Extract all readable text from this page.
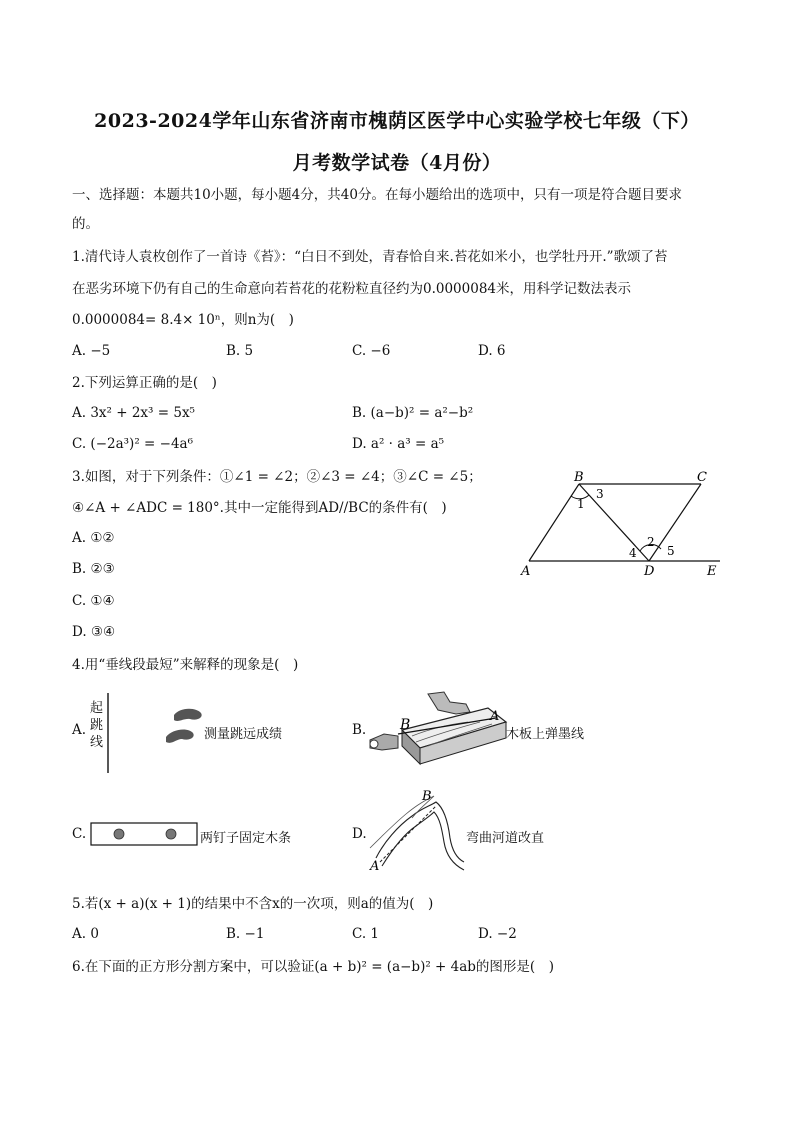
2023-2024学年山东省济南市槐荫区医学中心实验学校七年级（下）
月考数学试卷（4月份）
一、选择题：本题共10小题，每小题4分，共40分。在每小题给出的选项中，只有一项是符合题目要求
的。
1.清代诗人袁枚创作了一首诗《苔》：“白日不到处，青春恰自来.苔花如米小，也学牡丹开.”歌颂了苔
在恶劣环境下仍有自己的生命意向若苔花的花粉粒直径约为0.0000084米，用科学记数法表示
0.0000084= 8.4× 10ⁿ，则n为(　)
A. −5	B. 5	C. −6	D. 6
2.下列运算正确的是(　)
A. 3x² + 2x³ = 5x⁵	B. (a−b)² = a²−b²
C. (−2a³)² = −4a⁶	D. a² · a³ = a⁵
3.如图，对于下列条件：①∠1 = ∠2；②∠3 = ∠4；③∠C = ∠5；
④∠A + ∠ADC = 180°.其中一定能得到AD//BC的条件有(　)
A. ①②
B. ②③
C. ①④
D. ③④
B	C
A	D	E
1
3
2
4	5
4.用“垂线段最短”来解释的现象是(　)
A.
起跳线
测量跳远成绩	B. B
A
木板上弹墨线
C.	两钉子固定木条	D.
B
A
弯曲河道改直
5.若(x + a)(x + 1)的结果中不含x的一次项，则a的值为(　)
A. 0	B. −1	C. 1	D. −2
6.在下面的正方形分割方案中，可以验证(a + b)² = (a−b)² + 4ab的图形是(　)
